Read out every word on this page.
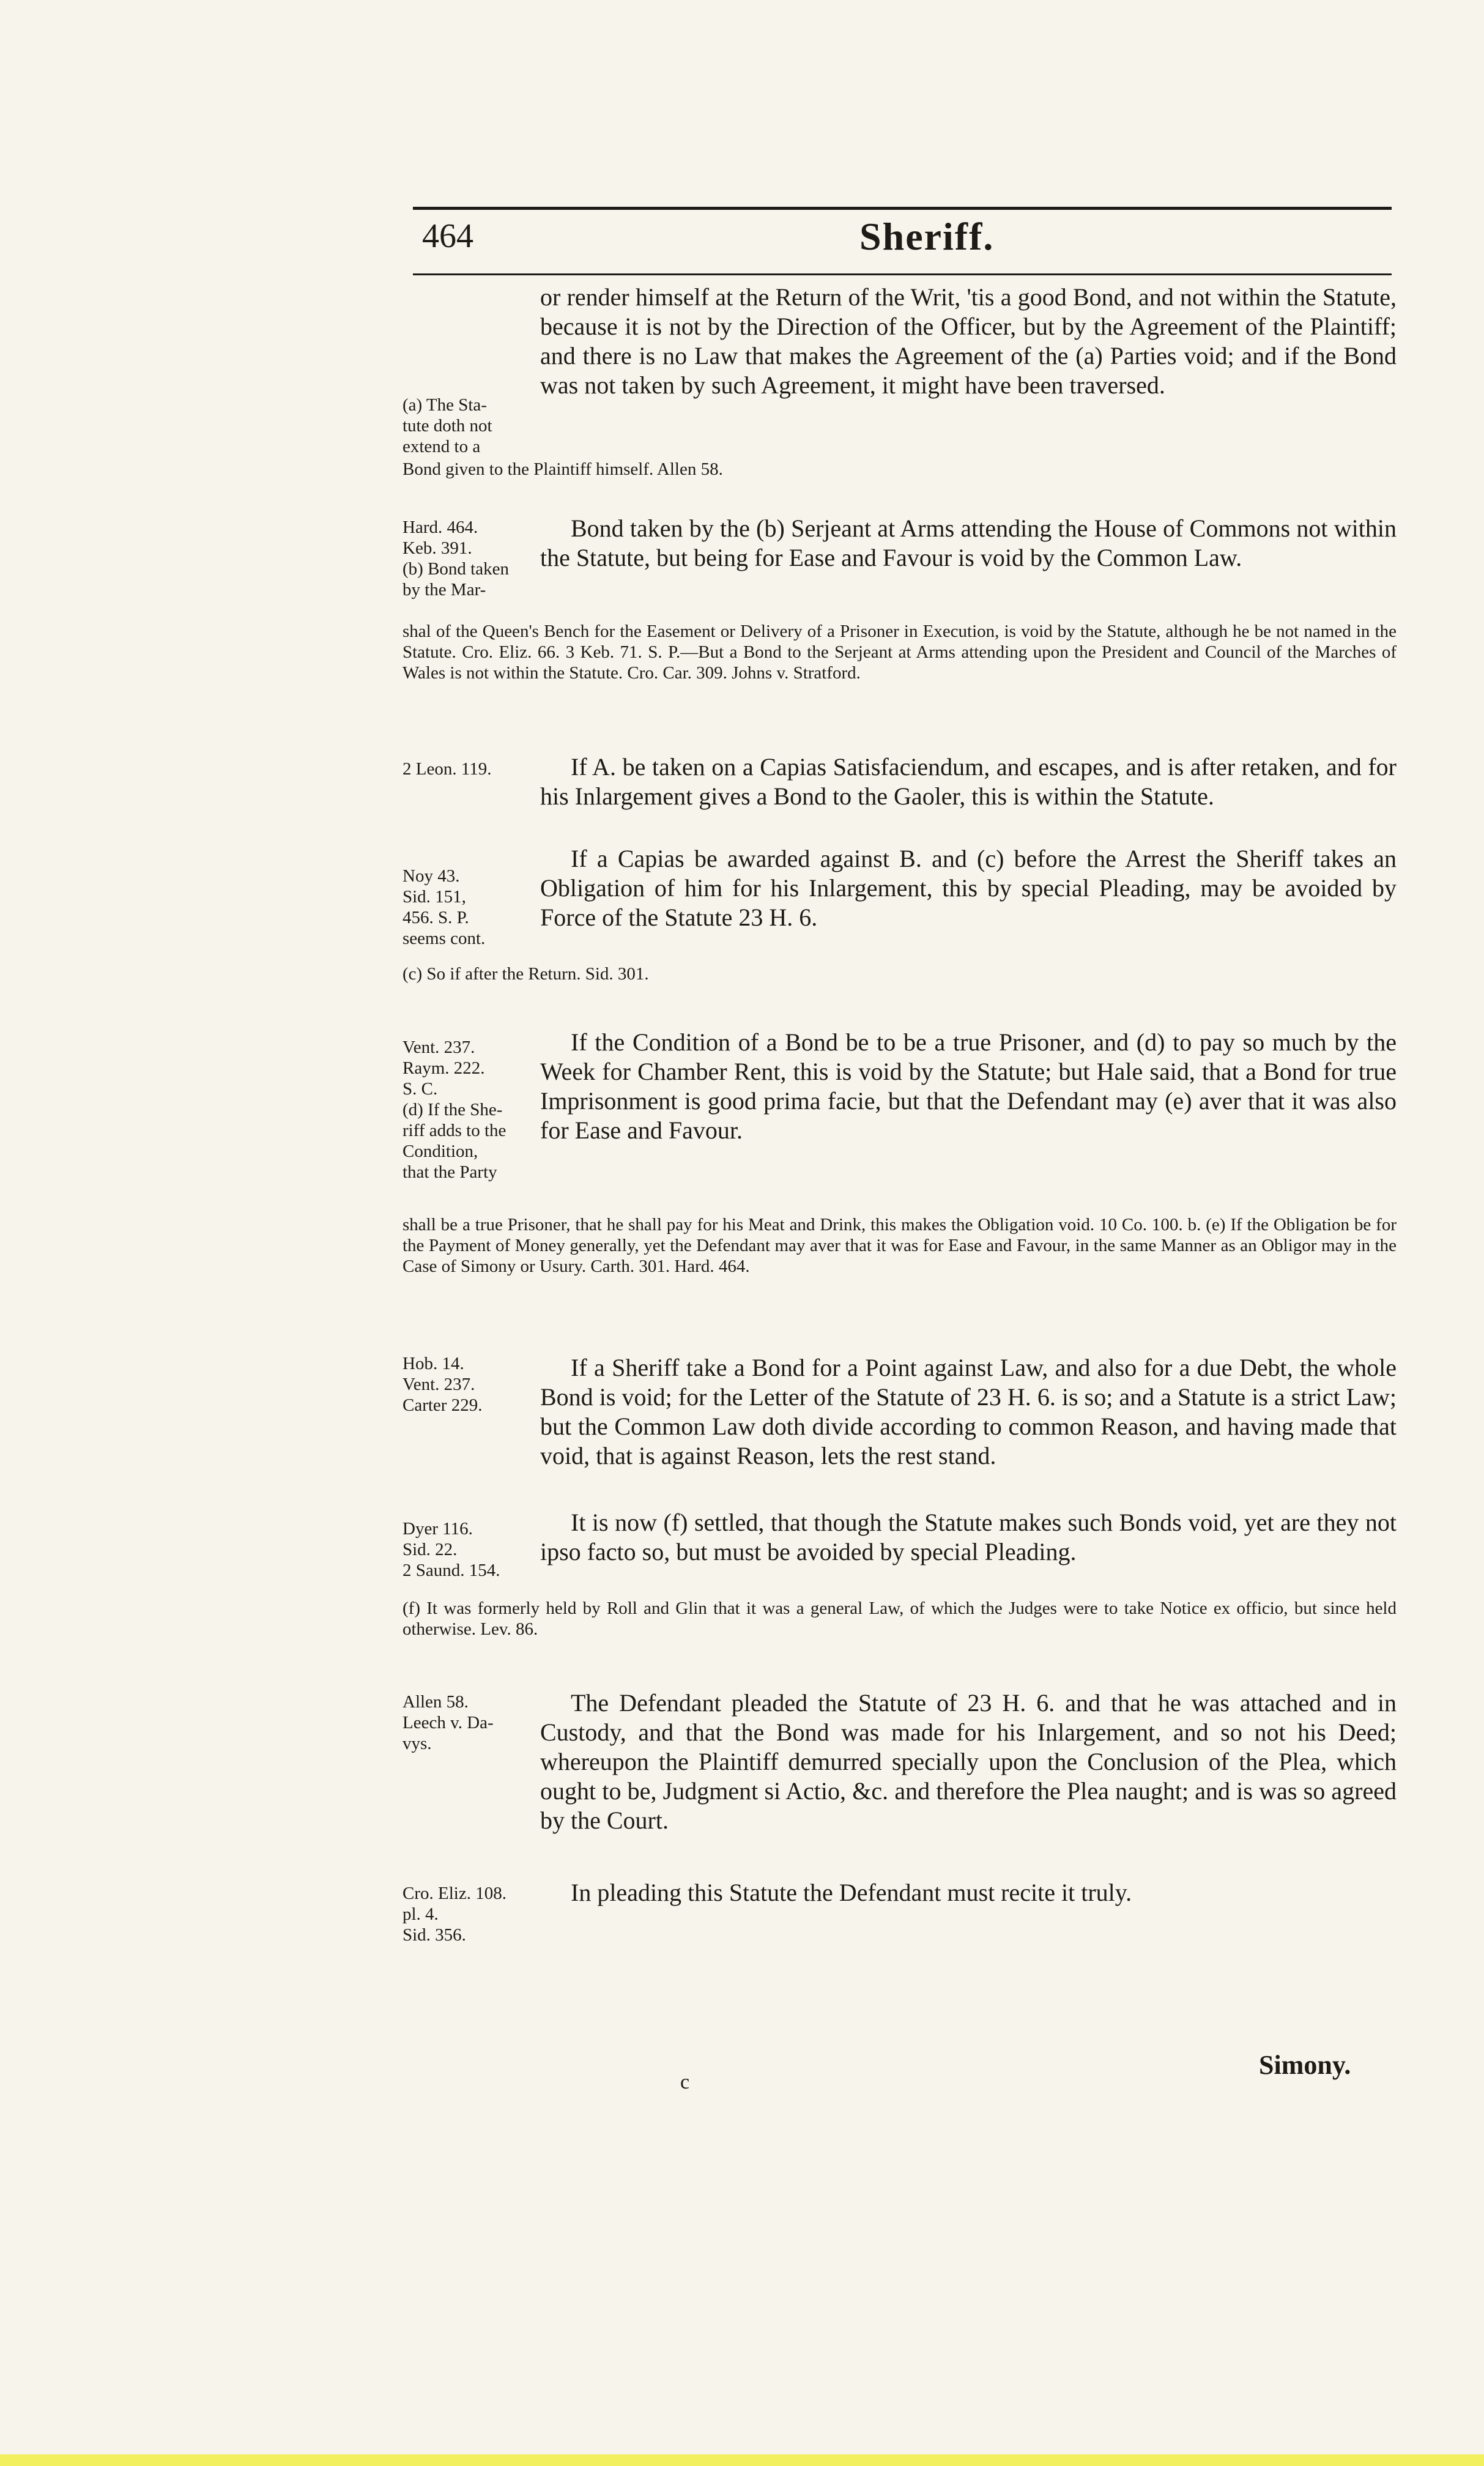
464	Sheriff.
(a) The Sta-
tute doth not
extend to a
or render himself at the Return of the Writ, 'tis a good Bond, and not within the Statute, because it is not by the Direction of the Officer, but by the Agreement of the Plaintiff; and there is no Law that makes the Agreement of the (a) Parties void; and if the Bond was not taken by such Agreement, it might have been traversed.
Bond given to the Plaintiff himself. Allen 58.
Hard. 464.
Keb. 391.
(b) Bond taken
by the Mar-
Bond taken by the (b) Serjeant at Arms attending the House of Commons not within the Statute, but being for Ease and Favour is void by the Common Law.
shal of the Queen's Bench for the Easement or Delivery of a Prisoner in Execution, is void by the Statute, although he be not named in the Statute. Cro. Eliz. 66. 3 Keb. 71. S. P.—But a Bond to the Serjeant at Arms attending upon the President and Council of the Marches of Wales is not within the Statute. Cro. Car. 309. Johns v. Stratford.
2 Leon. 119.	If A. be taken on a Capias Satisfaciendum, and escapes, and is after retaken, and for his Inlargement gives a Bond to the Gaoler, this is within the Statute.
Noy 43.
Sid. 151,
456. S. P.
seems cont.
If a Capias be awarded against B. and (c) before the Arrest the Sheriff takes an Obligation of him for his Inlargement, this by special Pleading, may be avoided by Force of the Statute 23 H. 6.
(c) So if after the Return. Sid. 301.
Vent. 237.
Raym. 222.
S. C.
(d) If the She-
riff adds to the
Condition,
that the Party
If the Condition of a Bond be to be a true Prisoner, and (d) to pay so much by the Week for Chamber Rent, this is void by the Statute; but Hale said, that a Bond for true Imprisonment is good prima facie, but that the Defendant may (e) aver that it was also for Ease and Favour.
shall be a true Prisoner, that he shall pay for his Meat and Drink, this makes the Obligation void. 10 Co. 100. b. (e) If the Obligation be for the Payment of Money generally, yet the Defendant may aver that it was for Ease and Favour, in the same Manner as an Obligor may in the Case of Simony or Usury. Carth. 301. Hard. 464.
Hob. 14.
Vent. 237.
Carter 229.
If a Sheriff take a Bond for a Point against Law, and also for a due Debt, the whole Bond is void; for the Letter of the Statute of 23 H. 6. is so; and a Statute is a strict Law; but the Common Law doth divide according to common Reason, and having made that void, that is against Reason, lets the rest stand.
Dyer 116.
Sid. 22.
2 Saund. 154.
It is now (f) settled, that though the Statute makes such Bonds void, yet are they not ipso facto so, but must be avoided by special Pleading.
(f) It was formerly held by Roll and Glin that it was a general Law, of which the Judges were to take Notice ex officio, but since held otherwise. Lev. 86.
Allen 58.
Leech v. Da-
vys.
The Defendant pleaded the Statute of 23 H. 6. and that he was attached and in Custody, and that the Bond was made for his Inlargement, and so not his Deed; whereupon the Plaintiff demurred specially upon the Conclusion of the Plea, which ought to be, Judgment si Actio, &c. and therefore the Plea naught; and is was so agreed by the Court.
Cro. Eliz. 108.
pl. 4.
Sid. 356.
In pleading this Statute the Defendant must recite it truly.
c
Simony.
